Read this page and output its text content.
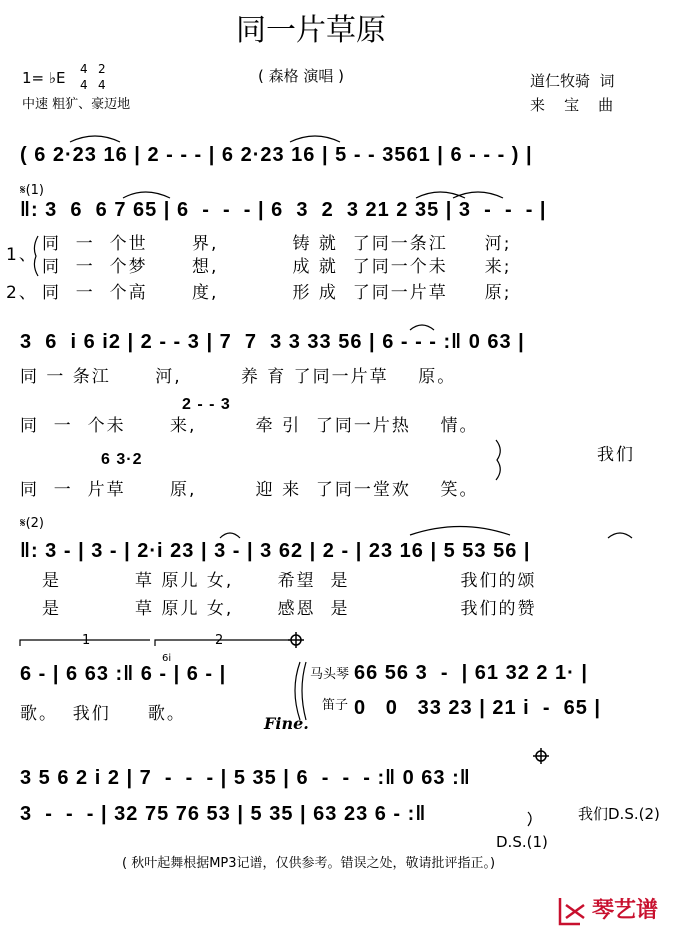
同一片草原
1= ♭E 4
4
2
4	( 森格 演唱 )	道仁牧骑  词
来    宝    曲
中速 粗犷、豪迈地
( 6 2·23 16 | 2 - - - | 6 2·23 16 | 5 - - 3561 | 6 - - - ) |
𝄋(1)
‖: 3  6  6 7 65 | 6  -  -  - | 6  3  2  3 21 2 35 | 3  -  -  - |
1、
同  一  个世      界,          铸 就  了同一条江     河;
同  一  个梦      想,          成 就  了同一个未     来;
2、 同  一  个高      度,          形 成  了同一片草     原;
3  6  i 6 i2 | 2 - - 3 | 7  7  3 3 33 56 | 6 - - - :‖ 0 63 |
同 一 条江      河,        养 育 了同一片草    原。
2 - - 3
同  一  个未      来,        牵 引  了同一片热    情。
6 3·2
同  一  片草      原,        迎 来  了同一堂欢    笑。
我们
𝄋(2)
‖: 3 - | 3 - | 2·i 23 | 3 - | 3 62 | 2 - | 23 16 | 5 53 56 |
是          草 原儿 女,      希望  是               我们的颂
是          草 原儿 女,      感恩  是               我们的赞
1	2
6i
6 - | 6 63 :‖ 6 - | 6 - |
歌。  我们     歌。	Fine.
马头琴
笛子
66 56 3  -  | 61 32 2 1· |
0   0   33 23 | 21 i  -  65 |
3 5 6 2 i 2 | 7  -  -  - | 5 35 | 6  -  -  - :‖ 0 63 :‖
3  -  -  - | 32 75 76 53 | 5 35 | 63 23 6 - :‖	我们D.S.(2)
D.S.(1)
( 秋叶起舞根据MP3记谱，仅供参考。错误之处，敬请批评指正。)
琴艺谱
